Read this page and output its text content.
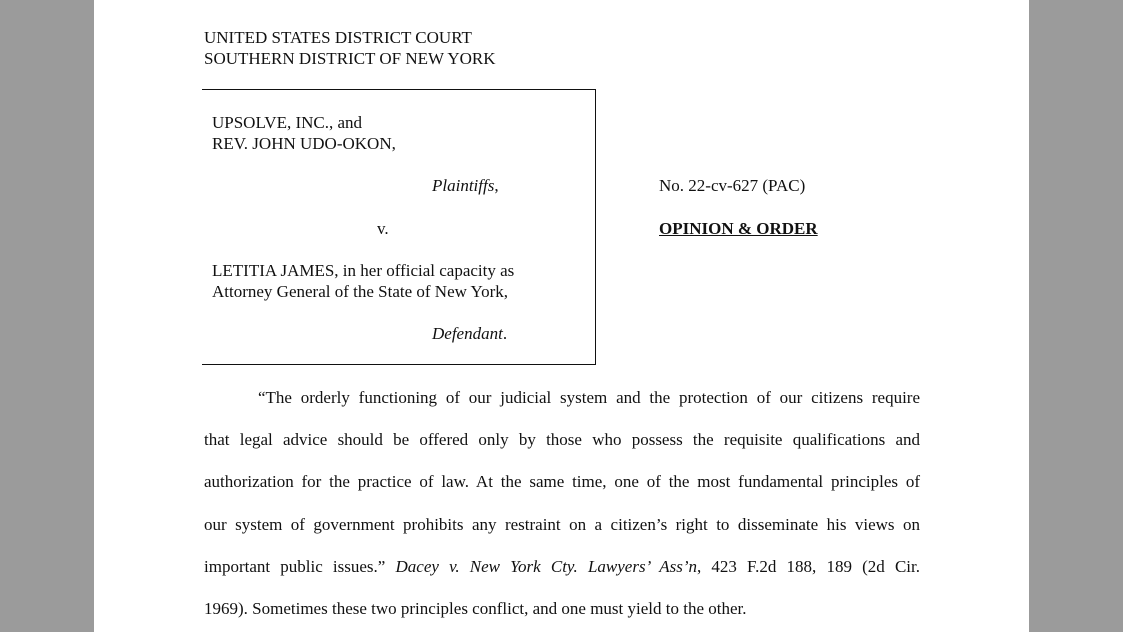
UNITED STATES DISTRICT COURT
SOUTHERN DISTRICT OF NEW YORK
UPSOLVE, INC., and
REV. JOHN UDO-OKON,
Plaintiffs,
v.
LETITIA JAMES, in her official capacity as
Attorney General of the State of New York,
Defendant.
No. 22-cv-627 (PAC)
OPINION & ORDER
“The orderly functioning of our judicial system and the protection of our citizens require
that legal advice should be offered only by those who possess the requisite qualifications and
authorization for the practice of law. At the same time, one of the most fundamental principles of
our system of government prohibits any restraint on a citizen’s right to disseminate his views on
important public issues.” Dacey v. New York Cty. Lawyers’ Ass’n, 423 F.2d 188, 189 (2d Cir.
1969). Sometimes these two principles conflict, and one must yield to the other.
